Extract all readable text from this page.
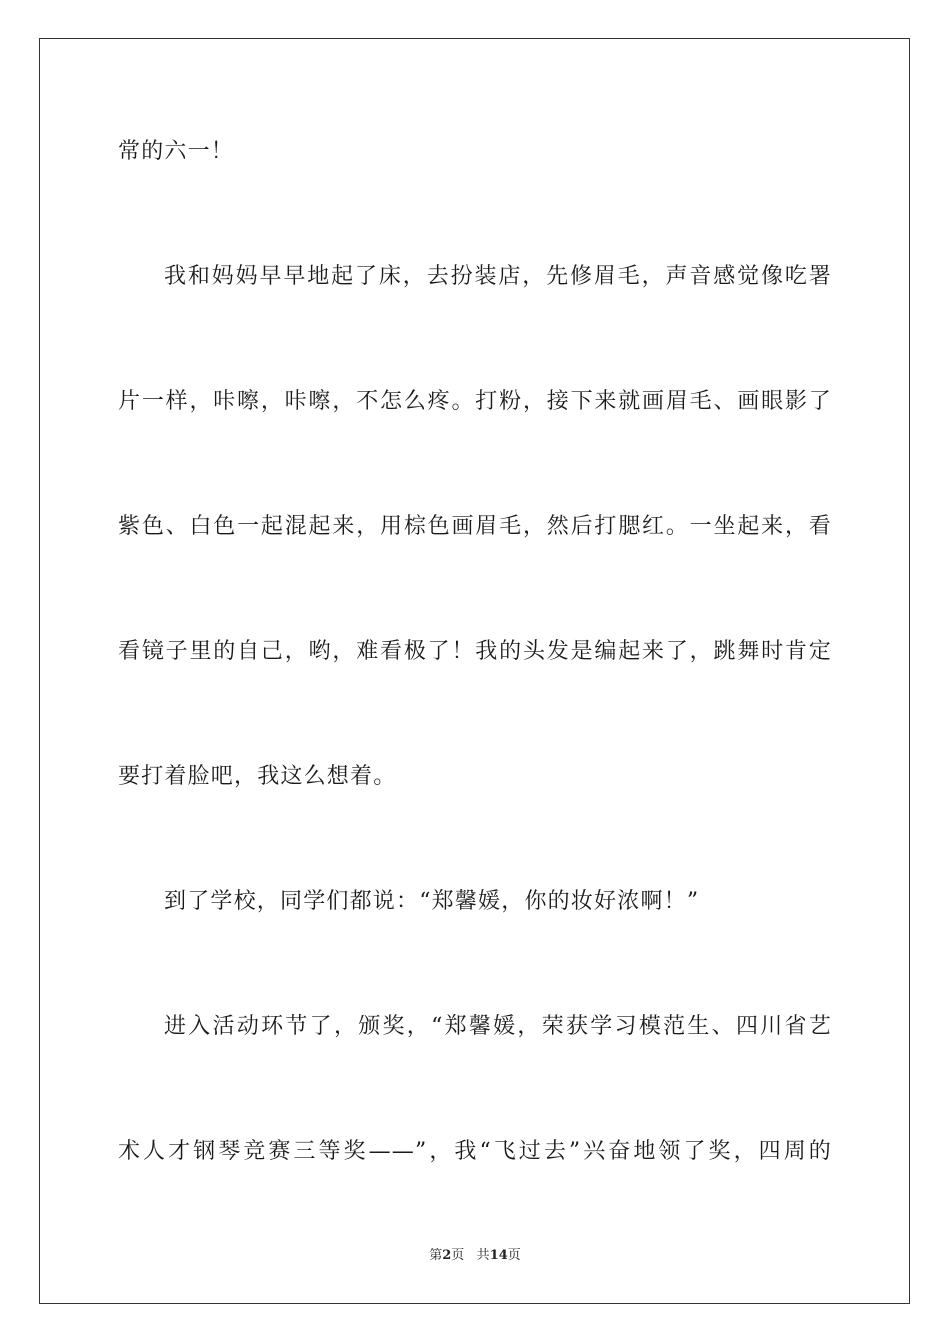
常的六一！
我和妈妈早早地起了床，去扮装店，先修眉毛，声音感觉像吃署
片一样，咔嚓，咔嚓，不怎么疼。打粉，接下来就画眉毛、画眼影了
紫色、白色一起混起来，用棕色画眉毛，然后打腮红。一坐起来，看
看镜子里的自己，哟，难看极了！我的头发是编起来了，跳舞时肯定
要打着脸吧，我这么想着。
到了学校，同学们都说：“郑馨媛，你的妆好浓啊！”
进入活动环节了，颁奖，“郑馨媛，荣获学习模范生、四川省艺
术人才钢琴竞赛三等奖——”，我“飞过去”兴奋地领了奖，四周的
第2页 共14页
